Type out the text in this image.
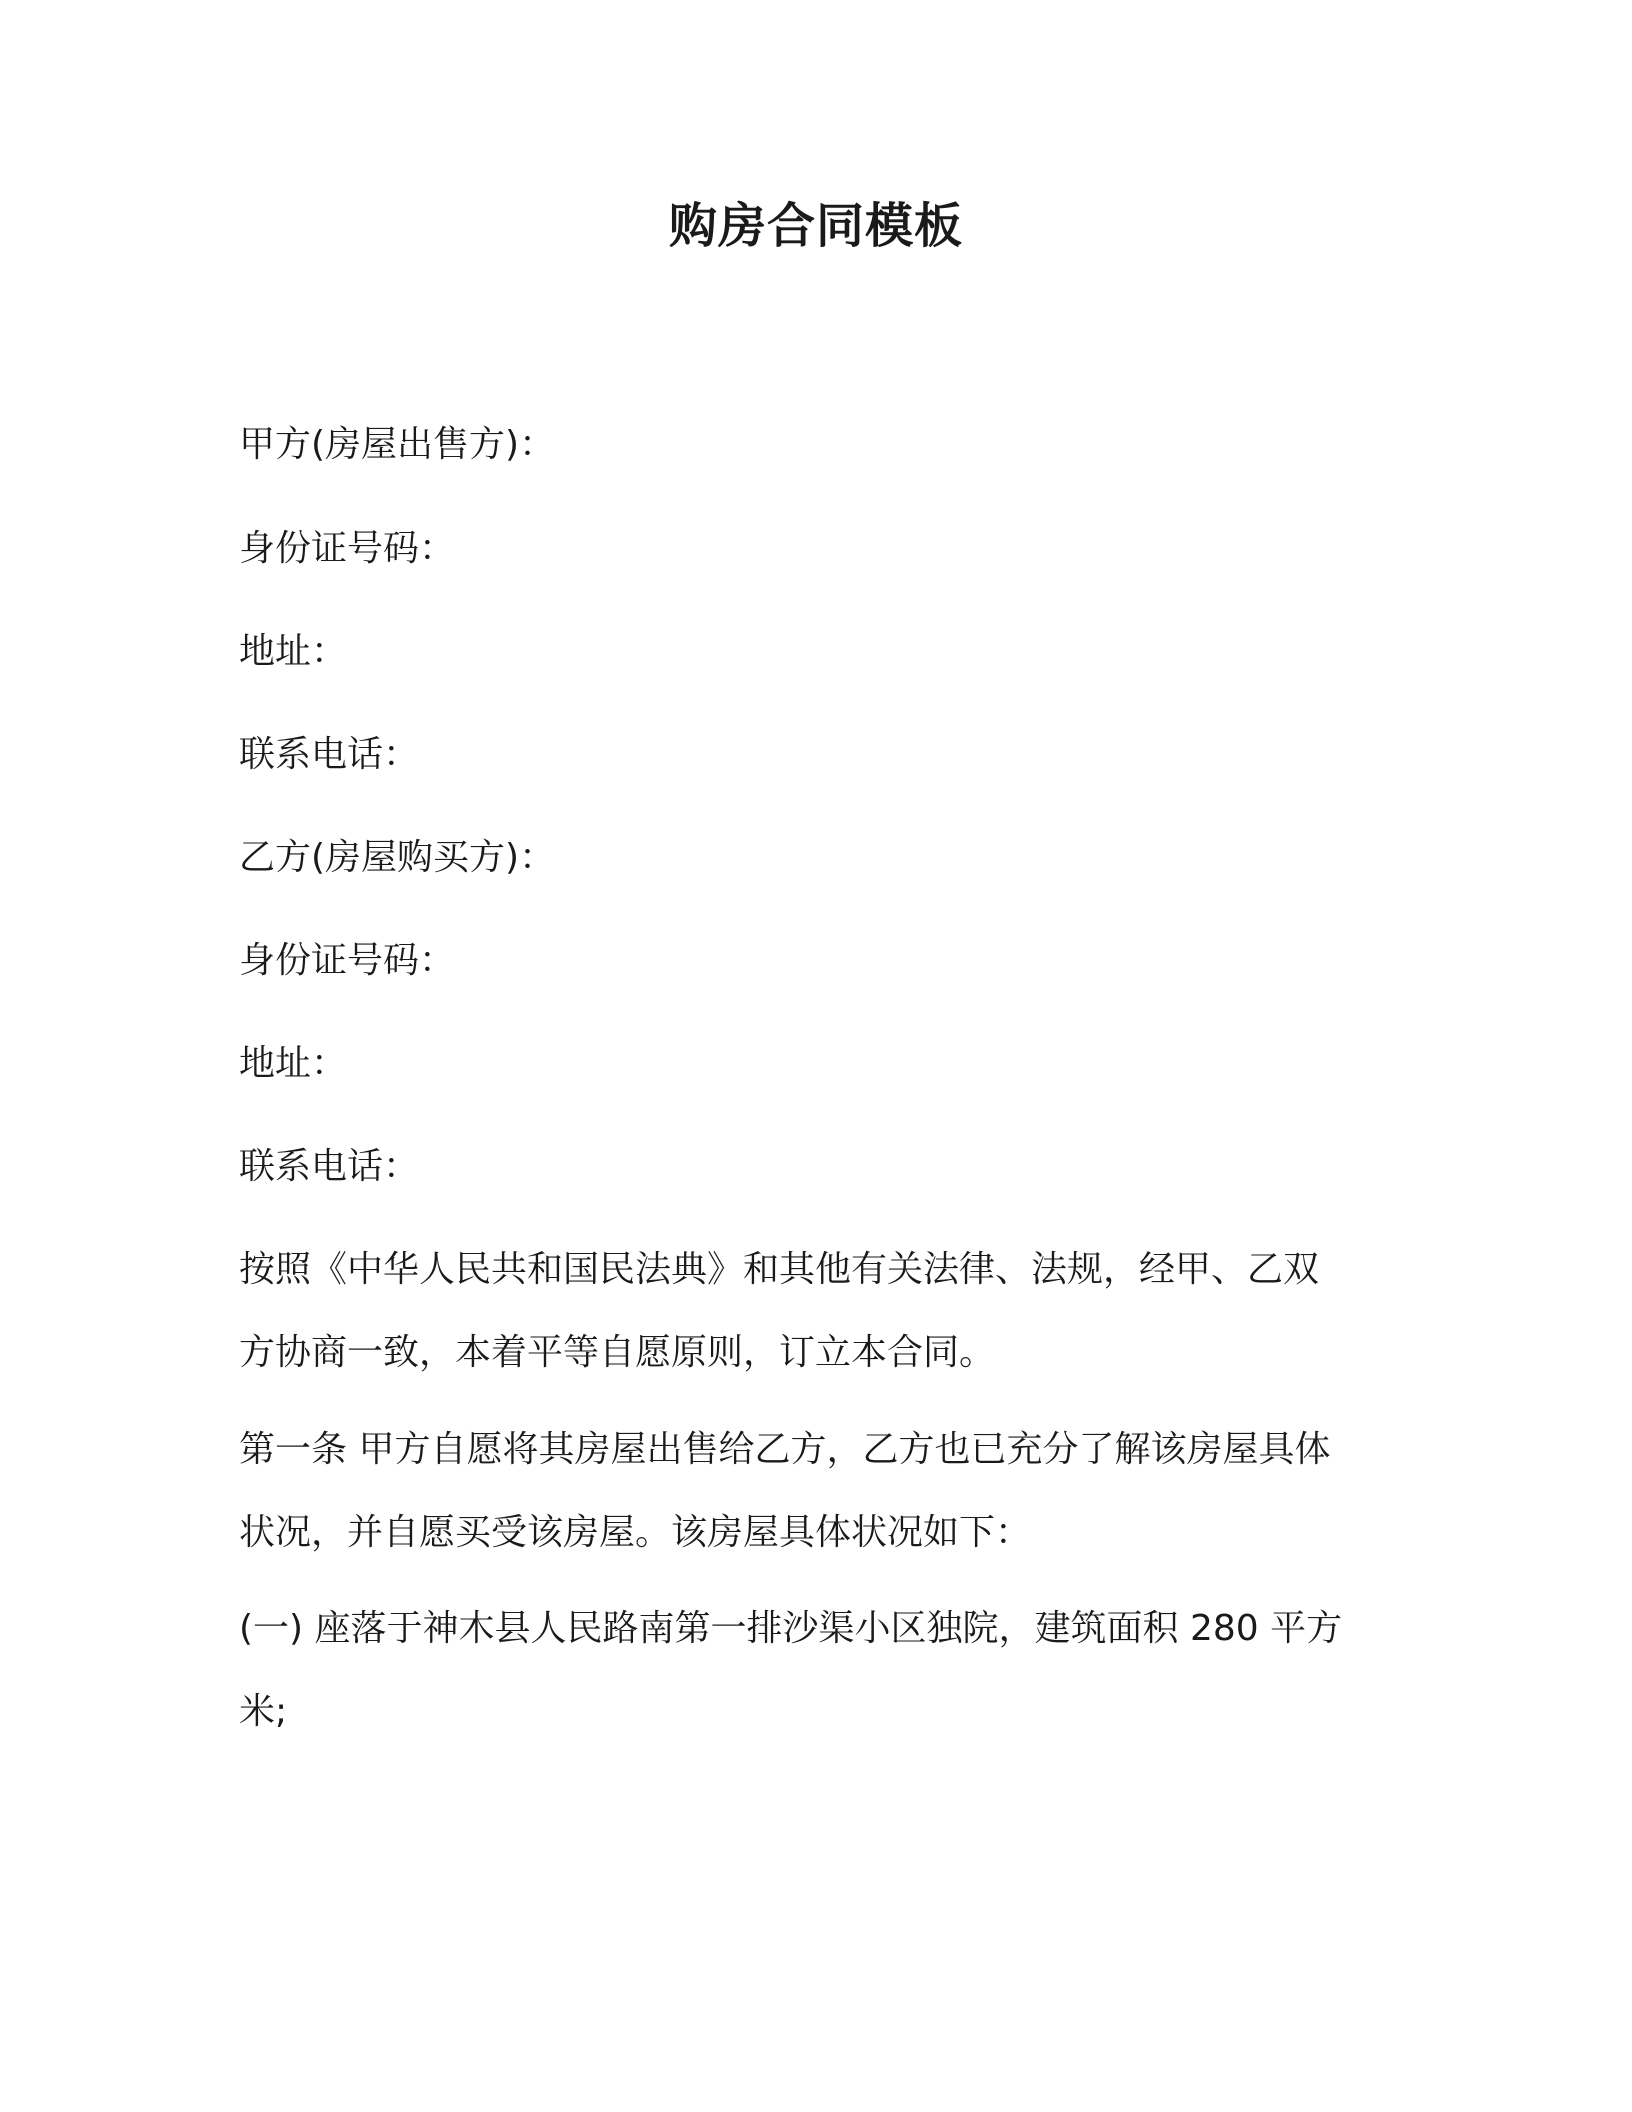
购房合同模板

甲方(房屋出售方)：

身份证号码：

地址：

联系电话：

乙方(房屋购买方)：

身份证号码：

地址：

联系电话：

按照《中华人民共和国民法典》和其他有关法律、法规，经甲、乙双
方协商一致，本着平等自愿原则，订立本合同。
第一条 甲方自愿将其房屋出售给乙方，乙方也已充分了解该房屋具体
状况，并自愿买受该房屋。该房屋具体状况如下：
(一) 座落于神木县人民路南第一排沙渠小区独院，建筑面积 280 平方
米;
